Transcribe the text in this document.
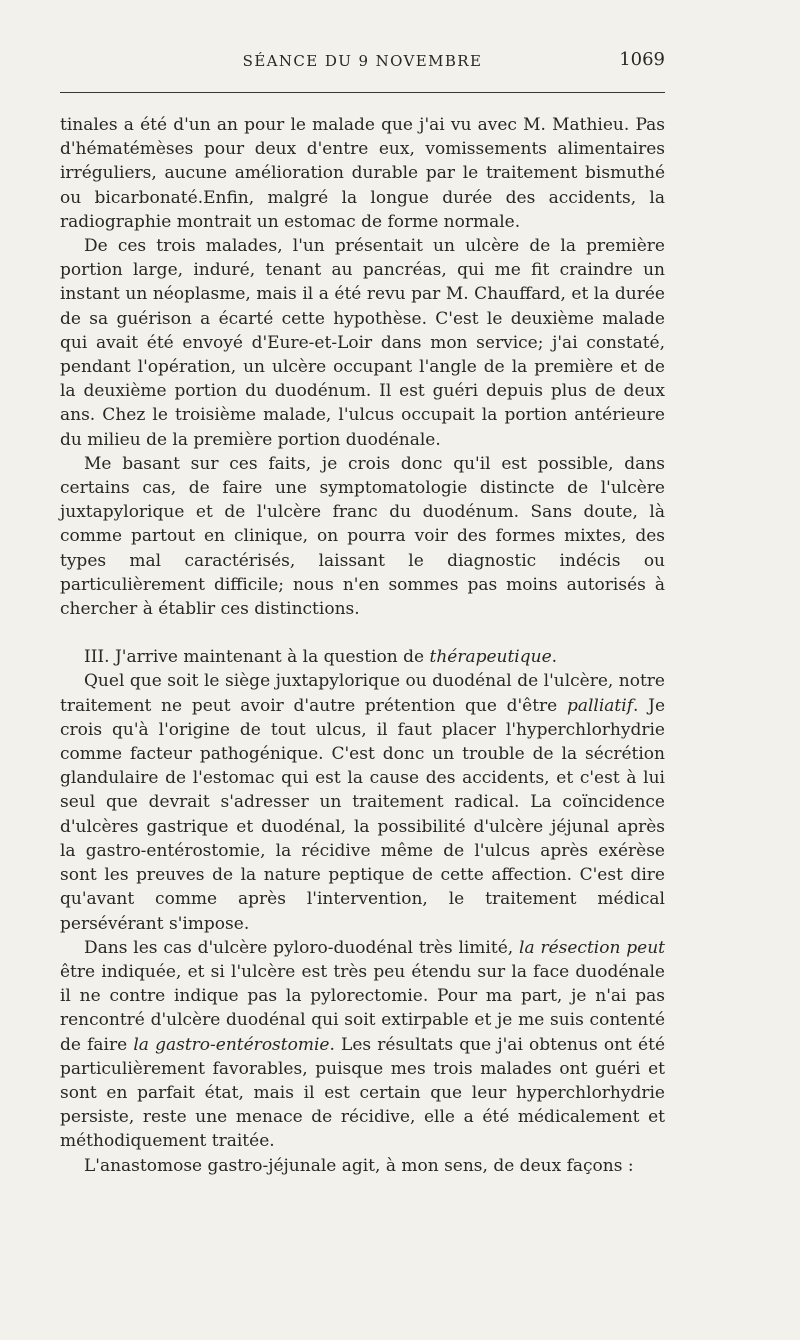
SÉANCE DU 9 NOVEMBRE	1069

tinales a été d'un an pour le malade que j'ai vu avec M. Mathieu. Pas d'hématémèses pour deux d'entre eux, vomissements alimentaires irréguliers, aucune amélioration durable par le traitement bismuthé ou bicarbonaté.Enfin, malgré la longue durée des accidents, la radiographie montrait un estomac de forme normale.

De ces trois malades, l'un présentait un ulcère de la première portion large, induré, tenant au pancréas, qui me fit craindre un instant un néoplasme, mais il a été revu par M. Chauffard, et la durée de sa guérison a écarté cette hypothèse. C'est le deuxième malade qui avait été envoyé d'Eure-et-Loir dans mon service; j'ai constaté, pendant l'opération, un ulcère occupant l'angle de la première et de la deuxième portion du duodénum. Il est guéri depuis plus de deux ans. Chez le troisième malade, l'ulcus occupait la portion antérieure du milieu de la première portion duodénale.

Me basant sur ces faits, je crois donc qu'il est possible, dans certains cas, de faire une symptomatologie distincte de l'ulcère juxtapylorique et de l'ulcère franc du duodénum. Sans doute, là comme partout en clinique, on pourra voir des formes mixtes, des types mal caractérisés, laissant le diagnostic indécis ou particulièrement difficile; nous n'en sommes pas moins autorisés à chercher à établir ces distinctions.

III. J'arrive maintenant à la question de thérapeutique.

Quel que soit le siège juxtapylorique ou duodénal de l'ulcère, notre traitement ne peut avoir d'autre prétention que d'être palliatif. Je crois qu'à l'origine de tout ulcus, il faut placer l'hyperchlorhydrie comme facteur pathogénique. C'est donc un trouble de la sécrétion glandulaire de l'estomac qui est la cause des accidents, et c'est à lui seul que devrait s'adresser un traitement radical. La coïncidence d'ulcères gastrique et duodénal, la possibilité d'ulcère jéjunal après la gastro-entérostomie, la récidive même de l'ulcus après exérèse sont les preuves de la nature peptique de cette affection. C'est dire qu'avant comme après l'intervention, le traitement médical persévérant s'impose.

Dans les cas d'ulcère pyloro-duodénal très limité, la résection peut être indiquée, et si l'ulcère est très peu étendu sur la face duodénale il ne contre indique pas la pylorectomie. Pour ma part, je n'ai pas rencontré d'ulcère duodénal qui soit extirpable et je me suis contenté de faire la gastro-entérostomie. Les résultats que j'ai obtenus ont été particulièrement favorables, puisque mes trois malades ont guéri et sont en parfait état, mais il est certain que leur hyperchlorhydrie persiste, reste une menace de récidive, elle a été médicalement et méthodiquement traitée.

L'anastomose gastro-jéjunale agit, à mon sens, de deux façons :
